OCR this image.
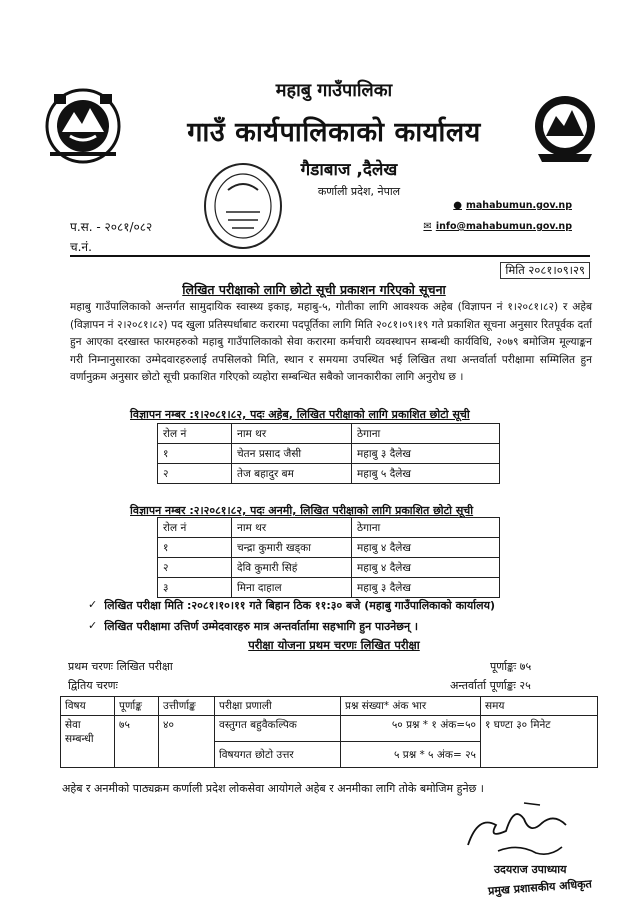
महाबु गाउँपालिका
गाउँ कार्यपालिकाको कार्यालय
गैडाबाज ,दैलेख
कर्णाली प्रदेश, नेपाल
प.स. - २०८१/०८२
च.नं.
● mahabumun.gov.np
✉ info@mahabumun.gov.np
मिति २०८१।०९।२९
लिखित परीक्षाको लागि छोटो सूची प्रकाशन गरिएको सूचना
महाबु गाउँपालिकाको अन्तर्गत सामुदायिक स्वास्थ्य इकाइ, महाबु-५, गोतीका लागि आवश्यक अहेब (विज्ञापन नं १।२०८१।८२) र अहेब (विज्ञापन नं २।२०८१।८२) पद खुला प्रतिस्पर्धाबाट करारमा पदपूर्तिका लागि मिति २०८१।०९।१९ गते प्रकाशित सूचना अनुसार रितपूर्वक दर्ता हुन आएका दरखास्त फारमहरुको महाबु गाउँपालिकाको सेवा करारमा कर्मचारी व्यवस्थापन सम्बन्धी कार्यविधि, २०७९ बमोजिम मूल्याङ्कन गरी निम्नानुसारका उम्मेदवारहरुलाई तपसिलको मिति, स्थान र समयमा उपस्थित भई लिखित तथा अन्तर्वार्ता परीक्षामा सम्मिलित हुन वर्णानुक्रम अनुसार छोटो सूची प्रकाशित गरिएको व्यहोरा सम्बन्धित सबैको जानकारीका लागि अनुरोध छ ।
विज्ञापन नम्बर :१।२०८१।८२, पदः अहेब, लिखित परीक्षाको लागि प्रकाशित छोटो सूची
रोल नं	नाम थर	ठेगाना
१	चेतन प्रसाद जैसी	महाबु ३ दैलेख
२	तेज बहादुर बम	महाबु ५ दैलेख
विज्ञापन नम्बर :२।२०८१।८२, पदः अनमी, लिखित परीक्षाको लागि प्रकाशित छोटो सूची
रोल नं	नाम थर	ठेगाना
१	चन्द्रा कुमारी खड्का	महाबु ४ दैलेख
२	देवि कुमारी सिहं	महाबु ४ दैलेख
३	मिना दाहाल	महाबु ३ दैलेख
✓ लिखित परीक्षा मिति :२०८१।१०।११ गते बिहान ठिक ११:३० बजे (महाबु गाउँपालिकाको कार्यालय)
✓ लिखित परीक्षामा उत्तिर्ण उम्मेदवारहरु मात्र अन्तर्वार्तामा सहभागि हुन पाउनेछन् ।
परीक्षा योजना प्रथम चरणः लिखित परीक्षा
प्रथम चरणः लिखित परीक्षा
द्वितिय चरणः
पूर्णाङ्कः ७५
अन्तर्वार्ता पूर्णाङ्कः २५
विषय	पूर्णाङ्क	उत्तीर्णाङ्क	परीक्षा प्रणाली	प्रश्न संख्या* अंक भार	समय
सेवा सम्बन्धी	७५	४०	वस्तुगत बहुवैकल्पिक	५० प्रश्न * १ अंक=५०	१ घण्टा ३० मिनेट
			विषयगत छोटो उत्तर	५ प्रश्न * ५ अंक= २५	
अहेब र अनमीको पाठ्यक्रम कर्णाली प्रदेश लोकसेवा आयोगले अहेब र अनमीका लागि तोके बमोजिम हुनेछ ।
उदयराज उपाध्याय
प्रमुख प्रशासकीय अधिकृत
